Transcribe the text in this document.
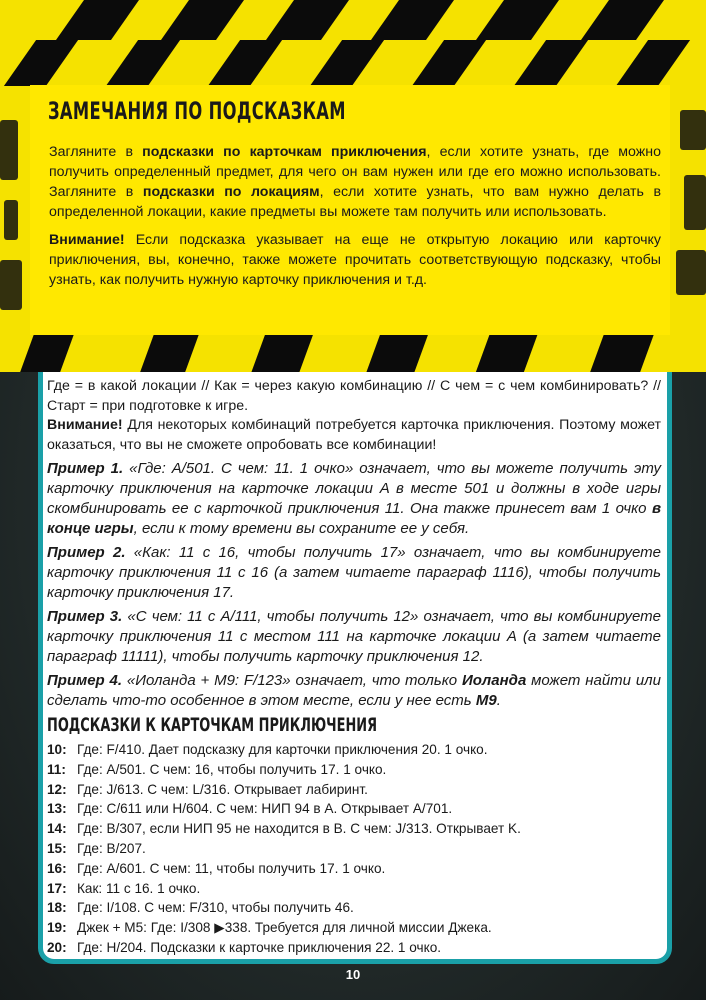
ЗАМЕЧАНИЯ ПО ПОДСКАЗКАМ

Загляните в подсказки по карточкам приключения, если хотите узнать, где можно получить определенный предмет, для чего он вам нужен или где его можно использовать. Загляните в подсказки по локациям, если хотите узнать, что вам нужно делать в определенной локации, какие предметы вы можете там получить или использовать.

Внимание! Если подсказка указывает на еще не открытую локацию или карточку приключения, вы, конечно, также можете прочитать соответствующую подсказку, чтобы узнать, как получить нужную карточку приключения и т.д.

Где = в какой локации // Как = через какую комбинацию // С чем = с чем комбинировать? // Старт = при подготовке к игре.

Внимание! Для некоторых комбинаций потребуется карточка приключения. Поэтому может оказаться, что вы не сможете опробовать все комбинации!

Пример 1. «Где: A/501. С чем: 11. 1 очко» означает, что вы можете получить эту карточку приключения на карточке локации A в месте 501 и должны в ходе игры скомбинировать ее с карточкой приключения 11. Она также принесет вам 1 очко в конце игры, если к тому времени вы сохраните ее у себя.

Пример 2. «Как: 11 с 16, чтобы получить 17» означает, что вы комбинируете карточку приключения 11 с 16 (а затем читаете параграф 1116), чтобы получить карточку приключения 17.

Пример 3. «С чем: 11 с A/111, чтобы получить 12» означает, что вы комбинируете карточку приключения 11 с местом 111 на карточке локации A (а затем читаете параграф 11111), чтобы получить карточку приключения 12.

Пример 4. «Иоланда + M9: F/123» означает, что только Иоланда может найти или сделать что-то особенное в этом месте, если у нее есть M9.

ПОДСКАЗКИ К КАРТОЧКАМ ПРИКЛЮЧЕНИЯ
10: Где: F/410. Дает подсказку для карточки приключения 20. 1 очко.
11: Где: A/501. С чем: 16, чтобы получить 17. 1 очко.
12: Где: J/613. С чем: L/316. Открывает лабиринт.
13: Где: C/611 или H/604. С чем: НИП 94 в A. Открывает A/701.
14: Где: B/307, если НИП 95 не находится в B. С чем: J/313. Открывает K.
15: Где: B/207.
16: Где: A/601. С чем: 11, чтобы получить 17. 1 очко.
17: Как: 11 с 16. 1 очко.
18: Где: I/108. С чем: F/310, чтобы получить 46.
19: Джек + M5: Где: I/308 ▶338. Требуется для личной миссии Джека.
20: Где: H/204. Подсказки к карточке приключения 22. 1 очко.
10
